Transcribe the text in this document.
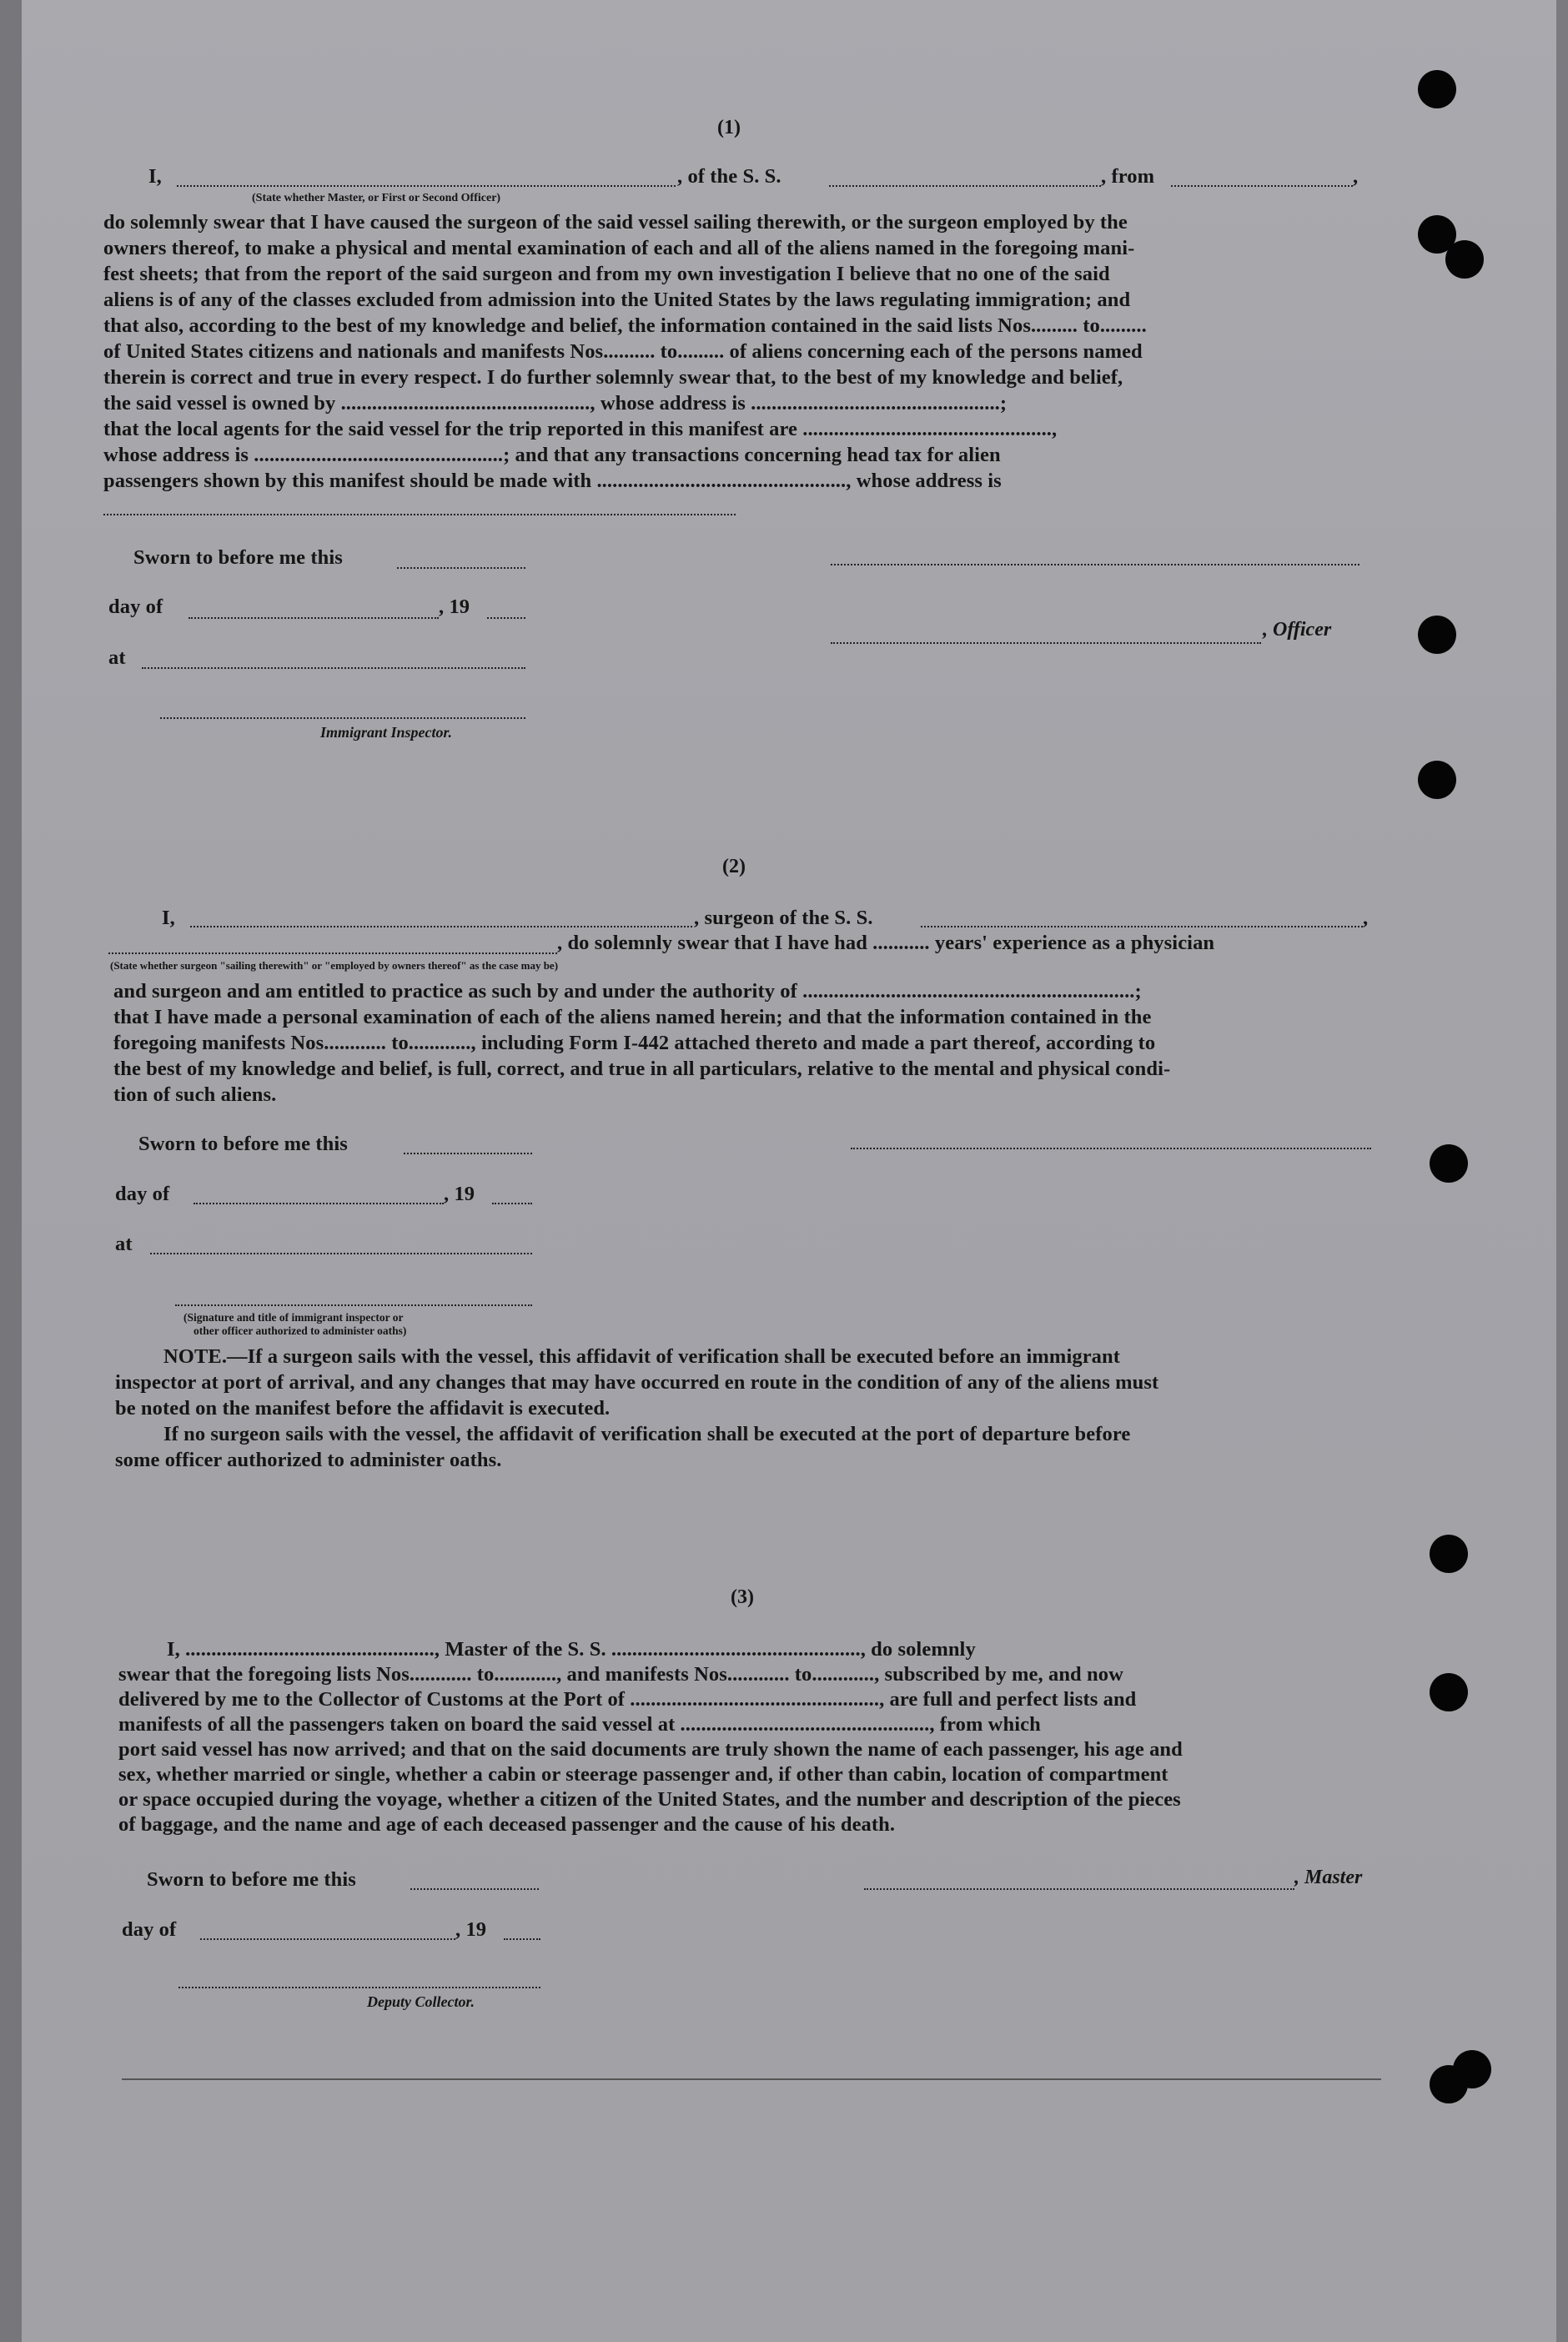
(1)
I,	, of the S. S.	, from	,
(State whether Master, or First or Second Officer)
do solemnly swear that I have caused the surgeon of the said vessel sailing therewith, or the surgeon employed by the
owners thereof, to make a physical and mental examination of each and all of the aliens named in the foregoing mani-
fest sheets; that from the report of the said surgeon and from my own investigation I believe that no one of the said
aliens is of any of the classes excluded from admission into the United States by the laws regulating immigration; and
that also, according to the best of my knowledge and belief, the information contained in the said lists Nos......... to.........
of United States citizens and nationals and manifests Nos.......... to......... of aliens concerning each of the persons named
therein is correct and true in every respect. I do further solemnly swear that, to the best of my knowledge and belief,
the said vessel is owned by ................................................, whose address is ................................................;
that the local agents for the said vessel for the trip reported in this manifest are ................................................,
whose address is ................................................; and that any transactions concerning head tax for alien
passengers shown by this manifest should be made with ................................................, whose address is
Sworn to before me this
day of	, 19
, Officer
at
Immigrant Inspector.
(2)
I,	, surgeon of the S. S.	,
, do solemnly swear that I have had ........... years' experience as a physician
(State whether surgeon "sailing therewith" or "employed by owners thereof" as the case may be)
and surgeon and am entitled to practice as such by and under the authority of ................................................................;
that I have made a personal examination of each of the aliens named herein; and that the information contained in the
foregoing manifests Nos............ to............, including Form I-442 attached thereto and made a part thereof, according to
the best of my knowledge and belief, is full, correct, and true in all particulars, relative to the mental and physical condi-
tion of such aliens.
Sworn to before me this
day of	, 19
at
(Signature and title of immigrant inspector or
other officer authorized to administer oaths)
NOTE.—If a surgeon sails with the vessel, this affidavit of verification shall be executed before an immigrant
inspector at port of arrival, and any changes that may have occurred en route in the condition of any of the aliens must
be noted on the manifest before the affidavit is executed.
If no surgeon sails with the vessel, the affidavit of verification shall be executed at the port of departure before
some officer authorized to administer oaths.
(3)
I, ................................................, Master of the S. S. ................................................, do solemnly
swear that the foregoing lists Nos............ to............, and manifests Nos............ to............, subscribed by me, and now
delivered by me to the Collector of Customs at the Port of ................................................, are full and perfect lists and
manifests of all the passengers taken on board the said vessel at ................................................, from which
port said vessel has now arrived; and that on the said documents are truly shown the name of each passenger, his age and
sex, whether married or single, whether a cabin or steerage passenger and, if other than cabin, location of compartment
or space occupied during the voyage, whether a citizen of the United States, and the number and description of the pieces
of baggage, and the name and age of each deceased passenger and the cause of his death.
Sworn to before me this	, Master
day of	, 19
Deputy Collector.
